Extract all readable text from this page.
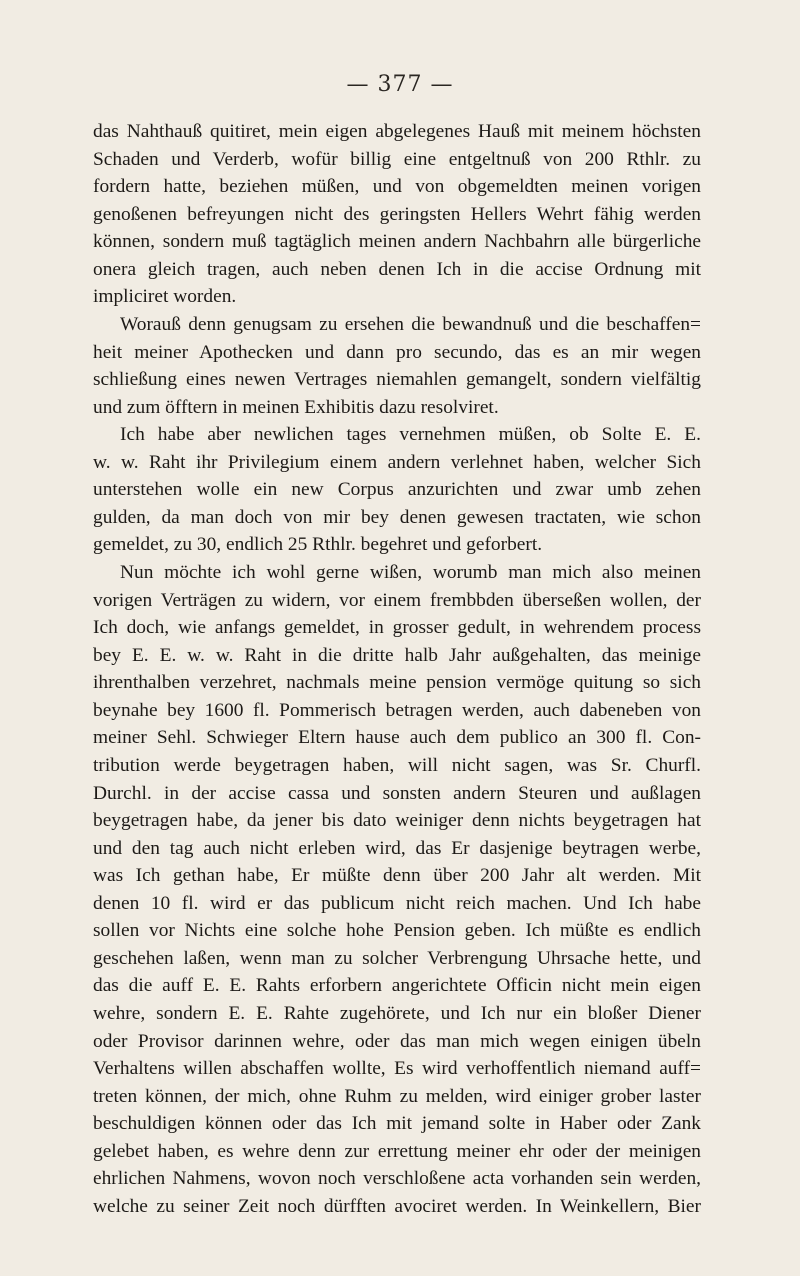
— 377 —
das Nahthauß quitiret, mein eigen abgelegenes Hauß mit meinem höchsten
Schaden und Verderb, wofür billig eine entgeltnuß von 200 Rthlr. zu
fordern hatte, beziehen müßen, und von obgemeldten meinen vorigen
genoßenen befreyungen nicht des geringsten Hellers Wehrt fähig werden
können, sondern muß tagtäglich meinen andern Nachbahrn alle bürgerliche
onera gleich tragen, auch neben denen Ich in die accise Ordnung mit
impliciret worden.
Worauß denn genugsam zu ersehen die bewandnuß und die beschaffen=
heit meiner Apothecken und dann pro secundo, das es an mir wegen
schließung eines newen Vertrages niemahlen gemangelt, sondern vielfältig
und zum öfftern in meinen Exhibitis dazu resolviret.
Ich habe aber newlichen tages vernehmen müßen, ob Solte E. E.
w. w. Raht ihr Privilegium einem andern verlehnet haben, welcher Sich
unterstehen wolle ein new Corpus anzurichten und zwar umb zehen
gulden, da man doch von mir bey denen gewesen tractaten, wie schon
gemeldet, zu 30, endlich 25 Rthlr. begehret und geforbert.
Nun möchte ich wohl gerne wißen, worumb man mich also meinen
vorigen Verträgen zu widern, vor einem frembbden überseßen wollen, der
Ich doch, wie anfangs gemeldet, in grosser gedult, in wehrendem process
bey E. E. w. w. Raht in die dritte halb Jahr außgehalten, das meinige
ihrenthalben verzehret, nachmals meine pension vermöge quitung so sich
beynahe bey 1600 fl. Pommerisch betragen werden, auch dabeneben von
meiner Sehl. Schwieger Eltern hause auch dem publico an 300 fl. Con-
tribution werde beygetragen haben, will nicht sagen, was Sr. Churfl.
Durchl. in der accise cassa und sonsten andern Steuren und außlagen
beygetragen habe, da jener bis dato weiniger denn nichts beygetragen hat
und den tag auch nicht erleben wird, das Er dasjenige beytragen werbe,
was Ich gethan habe, Er müßte denn über 200 Jahr alt werden. Mit
denen 10 fl. wird er das publicum nicht reich machen. Und Ich habe
sollen vor Nichts eine solche hohe Pension geben. Ich müßte es endlich
geschehen laßen, wenn man zu solcher Verbrengung Uhrsache hette, und
das die auff E. E. Rahts erforbern angerichtete Officin nicht mein eigen
wehre, sondern E. E. Rahte zugehörete, und Ich nur ein bloßer Diener
oder Provisor darinnen wehre, oder das man mich wegen einigen übeln
Verhaltens willen abschaffen wollte, Es wird verhoffentlich niemand auff=
treten können, der mich, ohne Ruhm zu melden, wird einiger grober laster
beschuldigen können oder das Ich mit jemand solte in Haber oder Zank
gelebet haben, es wehre denn zur errettung meiner ehr oder der meinigen
ehrlichen Nahmens, wovon noch verschloßene acta vorhanden sein werden,
welche zu seiner Zeit noch dürfften avociret werden. In Weinkellern, Bier
